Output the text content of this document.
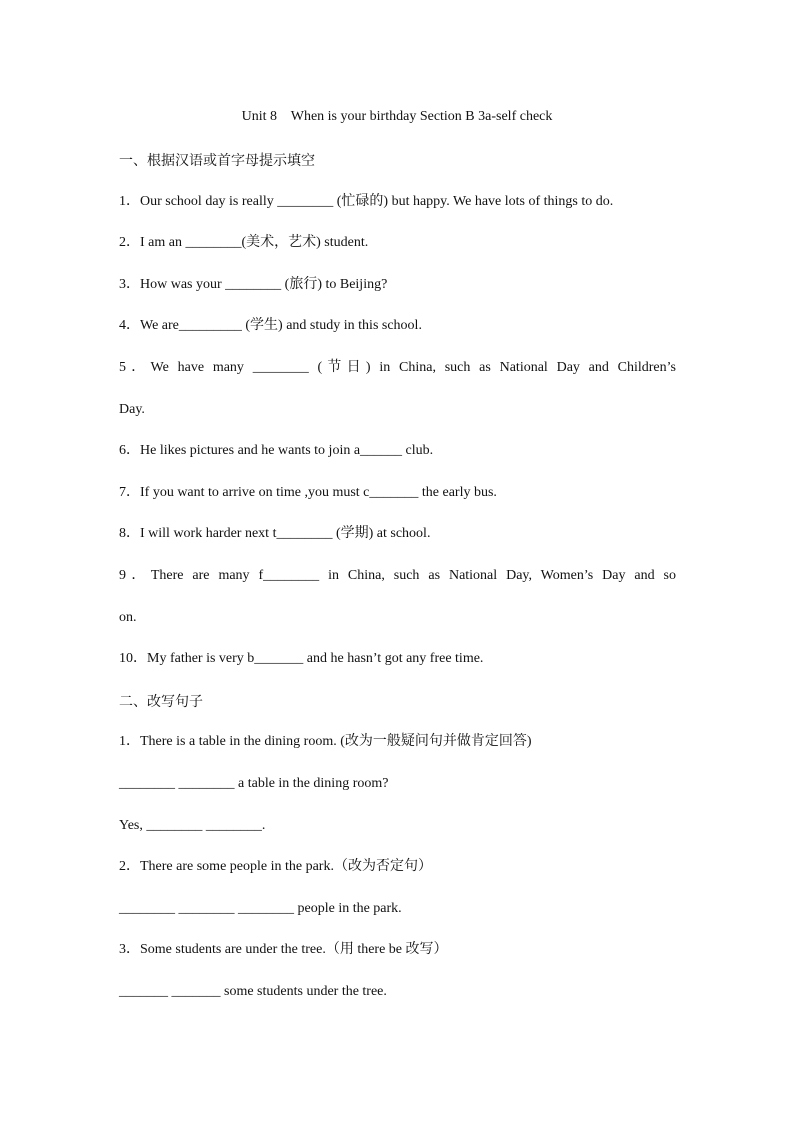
Unit 8    When is your birthday Section B 3a-self check
一、根据汉语或首字母提示填空
1．Our school day is really ________ (忙碌的) but happy. We have lots of things to do.
2．I am an ________(美术，艺术) student.
3．How was your ________ (旅行) to Beijing?
4．We are_________ (学生) and study in this school.
5．We have many ________ (节日) in China, such as National Day and Children’s
Day.
6．He likes pictures and he wants to join a______ club.
7．If you want to arrive on time ,you must c_______ the early bus.
8．I will work harder next t________ (学期) at school.
9．There are many f________ in China, such as National Day, Women’s Day and so
on.
10．My father is very b_______ and he hasn’t got any free time.
二、改写句子
1．There is a table in the dining room. (改为一般疑问句并做肯定回答)
________ ________ a table in the dining room?
Yes, ________ ________.
2．There are some people in the park.（改为否定句）
________ ________ ________ people in the park.
3．Some students are under the tree.（用 there be 改写）
_______ _______ some students under the tree.
